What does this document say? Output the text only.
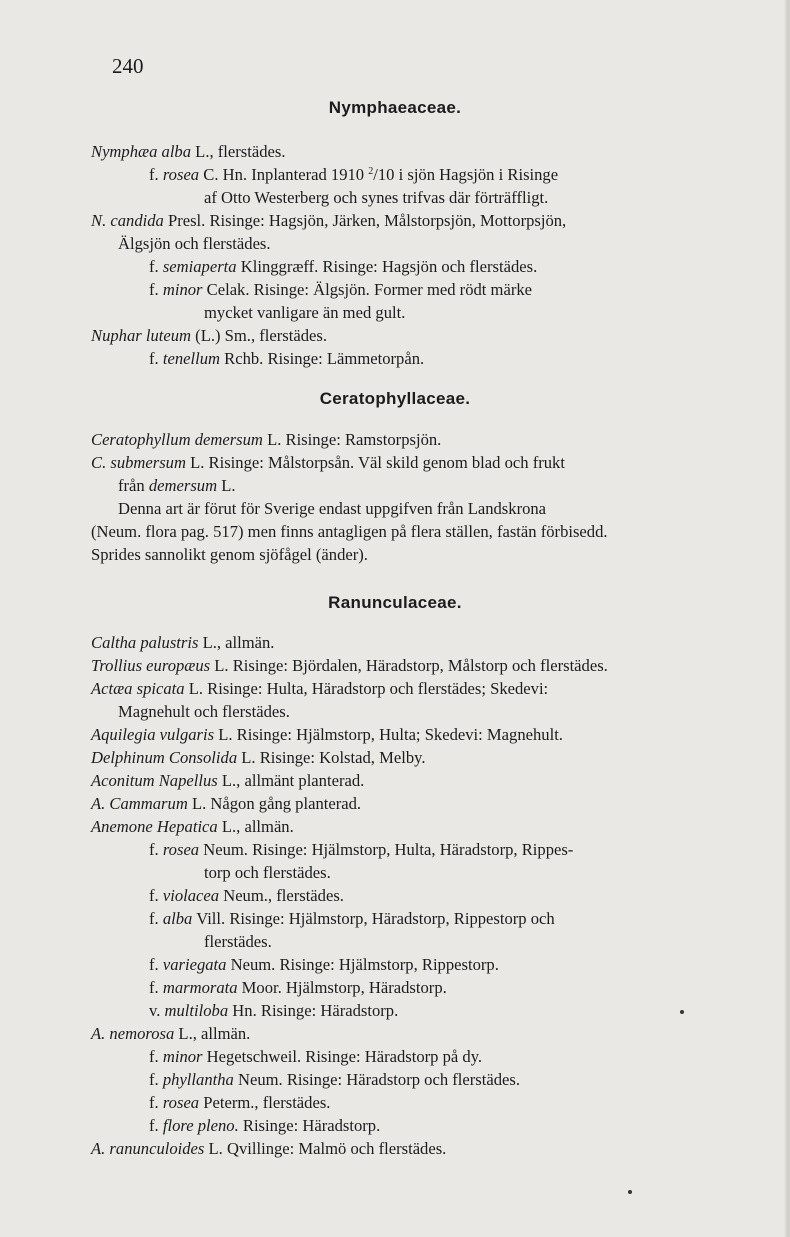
240
Nymphaeaceae.
Nymphæa alba L., flerstädes.
f. rosea C. Hn. Inplanterad 1910 $^2$/10 i sjön Hagsjön i Risinge
af Otto Westerberg och synes trifvas där förträffligt.
N. candida Presl. Risinge: Hagsjön, Järken, Målstorpsjön, Mottorpsjön,
Älgsjön och flerstädes.
f. semiaperta Klinggræff. Risinge: Hagsjön och flerstädes.
f. minor Celak. Risinge: Älgsjön. Former med rödt märke
mycket vanligare än med gult.
Nuphar luteum (L.) Sm., flerstädes.
f. tenellum Rchb. Risinge: Lämmetorpån.
Ceratophyllaceae.
Ceratophyllum demersum L. Risinge: Ramstorpsjön.
C. submersum L. Risinge: Målstorpsån. Väl skild genom blad och frukt
från demersum L.
Denna art är förut för Sverige endast uppgifven från Landskrona
(Neum. flora pag. 517) men finns antagligen på flera ställen, fastän förbisedd.
Sprides sannolikt genom sjöfågel (änder).
Ranunculaceae.
Caltha palustris L., allmän.
Trollius europæus L. Risinge: Björdalen, Häradstorp, Målstorp och flerstädes.
Actæa spicata L. Risinge: Hulta, Häradstorp och flerstädes; Skedevi:
Magnehult och flerstädes.
Aquilegia vulgaris L. Risinge: Hjälmstorp, Hulta; Skedevi: Magnehult.
Delphinum Consolida L. Risinge: Kolstad, Melby.
Aconitum Napellus L., allmänt planterad.
A. Cammarum L. Någon gång planterad.
Anemone Hepatica L., allmän.
f. rosea Neum. Risinge: Hjälmstorp, Hulta, Häradstorp, Rippes-
torp och flerstädes.
f. violacea Neum., flerstädes.
f. alba Vill. Risinge: Hjälmstorp, Häradstorp, Rippestorp och
flerstädes.
f. variegata Neum. Risinge: Hjälmstorp, Rippestorp.
f. marmorata Moor. Hjälmstorp, Häradstorp.
v. multiloba Hn. Risinge: Häradstorp.
A. nemorosa L., allmän.
f. minor Hegetschweil. Risinge: Häradstorp på dy.
f. phyllantha Neum. Risinge: Häradstorp och flerstädes.
f. rosea Peterm., flerstädes.
f. flore pleno. Risinge: Häradstorp.
A. ranunculoides L. Qvillinge: Malmö och flerstädes.
